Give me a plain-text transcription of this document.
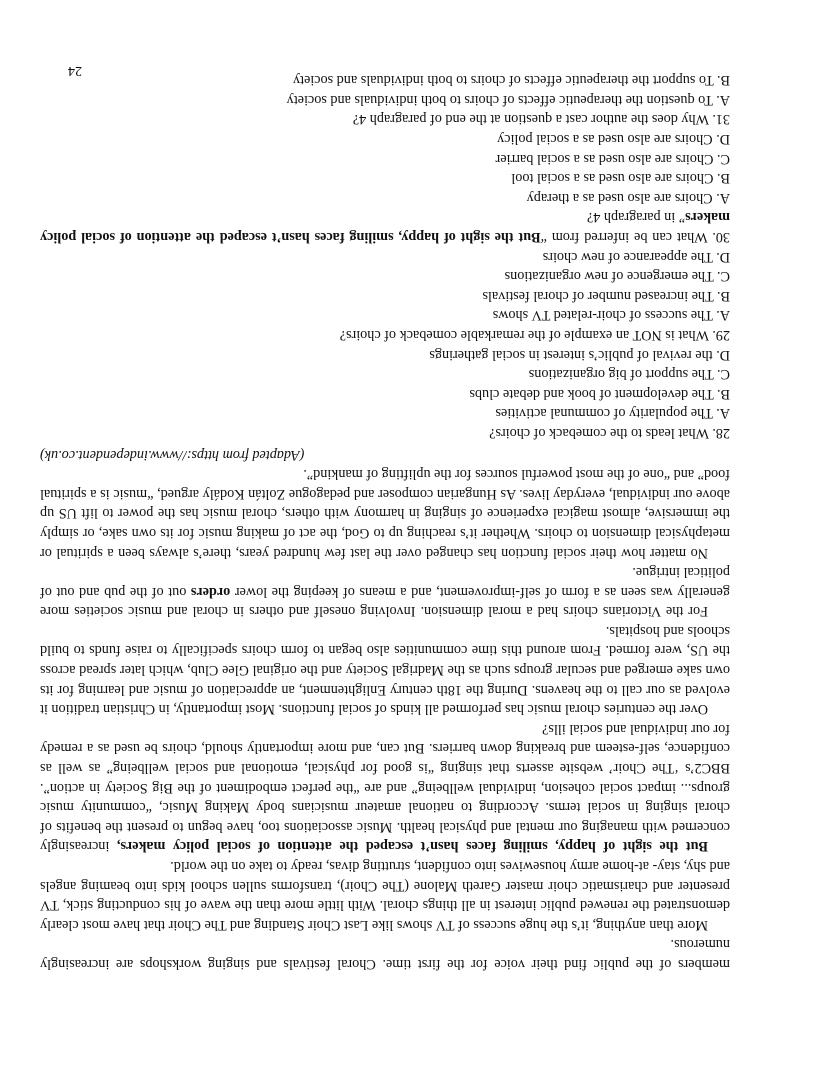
members of the public find their voice for the first time. Choral festivals and singing workshops are increasingly numerous.

More than anything, it’s the huge success of TV shows like Last Choir Standing and The Choir that have most clearly demonstrated the renewed public interest in all things choral. With little more than the wave of his conducting stick, TV presenter and charismatic choir master Gareth Malone (The Choir), transforms sullen school kids into beaming angels and shy, stay- at-home army housewives into confident, strutting divas, ready to take on the world.

But the sight of happy, smiling faces hasn’t escaped the attention of social policy makers, increasingly concerned with managing our mental and physical health. Music associations too, have begun to present the benefits of choral singing in social terms. According to national amateur musicians body Making Music, “community music groups... impact social cohesion, individual wellbeing” and are “the perfect embodiment of the Big Society in action”. BBC2’s ‘The Choir’ website asserts that singing “is good for physical, emotional and social wellbeing” as well as confidence, self-esteem and breaking down barriers. But can, and more importantly should, choirs be used as a remedy for our individual and social ills?

Over the centuries choral music has performed all kinds of social functions. Most importantly, in Christian tradition it evolved as our call to the heavens. During the 18th century Enlightenment, an appreciation of music and learning for its own sake emerged and secular groups such as the Madrigal Society and the original Glee Club, which later spread across the US, were formed. From around this time communities also began to form choirs specifically to raise funds to build schools and hospitals.

For the Victorians choirs had a moral dimension. Involving oneself and others in choral and music societies more generally was seen as a form of self-improvement, and a means of keeping the lower orders out of the pub and out of political intrigue.

No matter how their social function has changed over the last few hundred years, there’s always been a spiritual or metaphysical dimension to choirs. Whether it’s reaching up to God, the act of making music for its own sake, or simply the immersive, almost magical experience of singing in harmony with others, choral music has the power to lift US up above our individual, everyday lives. As Hungarian composer and pedagogue Zoltán Kodály argued, “music is a spiritual food” and “one of the most powerful sources for the uplifting of mankind”.

(Adapted from https://www.independent.co.uk)

28. What leads to the comeback of choirs?

A. The popularity of communal activities

B. The development of book and debate clubs

C. The support of big organizations

D. the revival of public’s interest in social gatherings

29. What is NOT an example of the remarkable comeback of choirs?

A. The success of choir-related TV shows

B. The increased number of choral festivals

C. The emergence of new organizations

D. The appearance of new choirs

30. What can be inferred from “But the sight of happy, smiling faces hasn’t escaped the attention of social policy makers” in paragraph 4?

A. Choirs are also used as a therapy

B. Choirs are also used as a social tool

C. Choirs are also used as a social barrier

D. Choirs are also used as a social policy

31. Why does the author cast a question at the end of paragraph 4?

A. To question the therapeutic effects of choirs to both individuals and society

B. To support the therapeutic effects of choirs to both individuals and society

24
